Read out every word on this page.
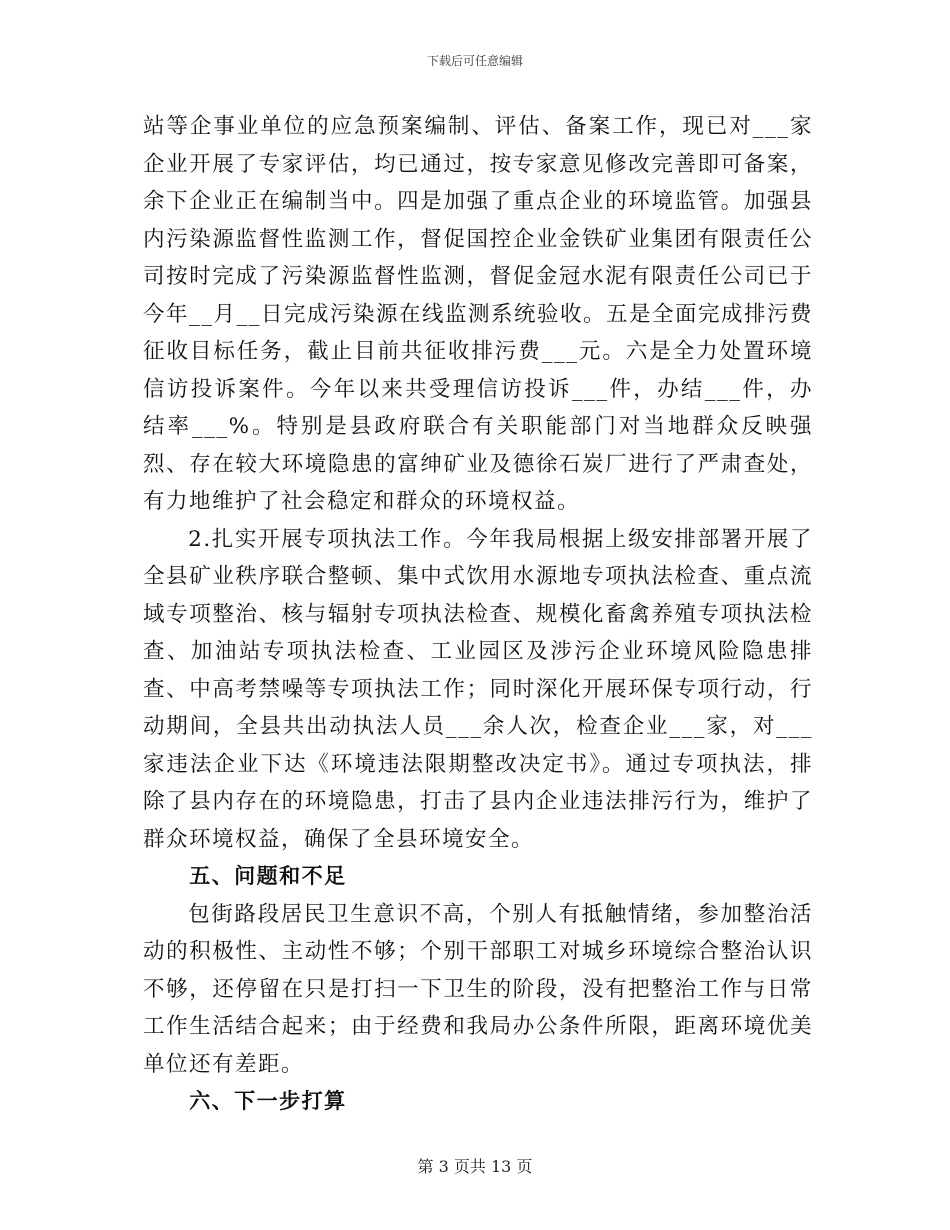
下载后可任意编辑

站等企事业单位的应急预案编制、评估、备案工作，现已对___家企业开展了专家评估，均已通过，按专家意见修改完善即可备案，余下企业正在编制当中。四是加强了重点企业的环境监管。加强县内污染源监督性监测工作，督促国控企业金铁矿业集团有限责任公司按时完成了污染源监督性监测，督促金冠水泥有限责任公司已于今年__月__日完成污染源在线监测系统验收。五是全面完成排污费征收目标任务，截止目前共征收排污费___元。六是全力处置环境信访投诉案件。今年以来共受理信访投诉___件，办结___件，办结率___%。特别是县政府联合有关职能部门对当地群众反映强烈、存在较大环境隐患的富绅矿业及德徐石炭厂进行了严肃查处，有力地维护了社会稳定和群众的环境权益。

2.扎实开展专项执法工作。今年我局根据上级安排部署开展了全县矿业秩序联合整顿、集中式饮用水源地专项执法检查、重点流域专项整治、核与辐射专项执法检查、规模化畜禽养殖专项执法检查、加油站专项执法检查、工业园区及涉污企业环境风险隐患排查、中高考禁噪等专项执法工作；同时深化开展环保专项行动，行动期间，全县共出动执法人员___余人次，检查企业___家，对___家违法企业下达《环境违法限期整改决定书》。通过专项执法，排除了县内存在的环境隐患，打击了县内企业违法排污行为，维护了群众环境权益，确保了全县环境安全。

五、问题和不足

包街路段居民卫生意识不高，个别人有抵触情绪，参加整治活动的积极性、主动性不够；个别干部职工对城乡环境综合整治认识不够，还停留在只是打扫一下卫生的阶段，没有把整治工作与日常工作生活结合起来；由于经费和我局办公条件所限，距离环境优美单位还有差距。

六、下一步打算

第 3 页共 13 页
